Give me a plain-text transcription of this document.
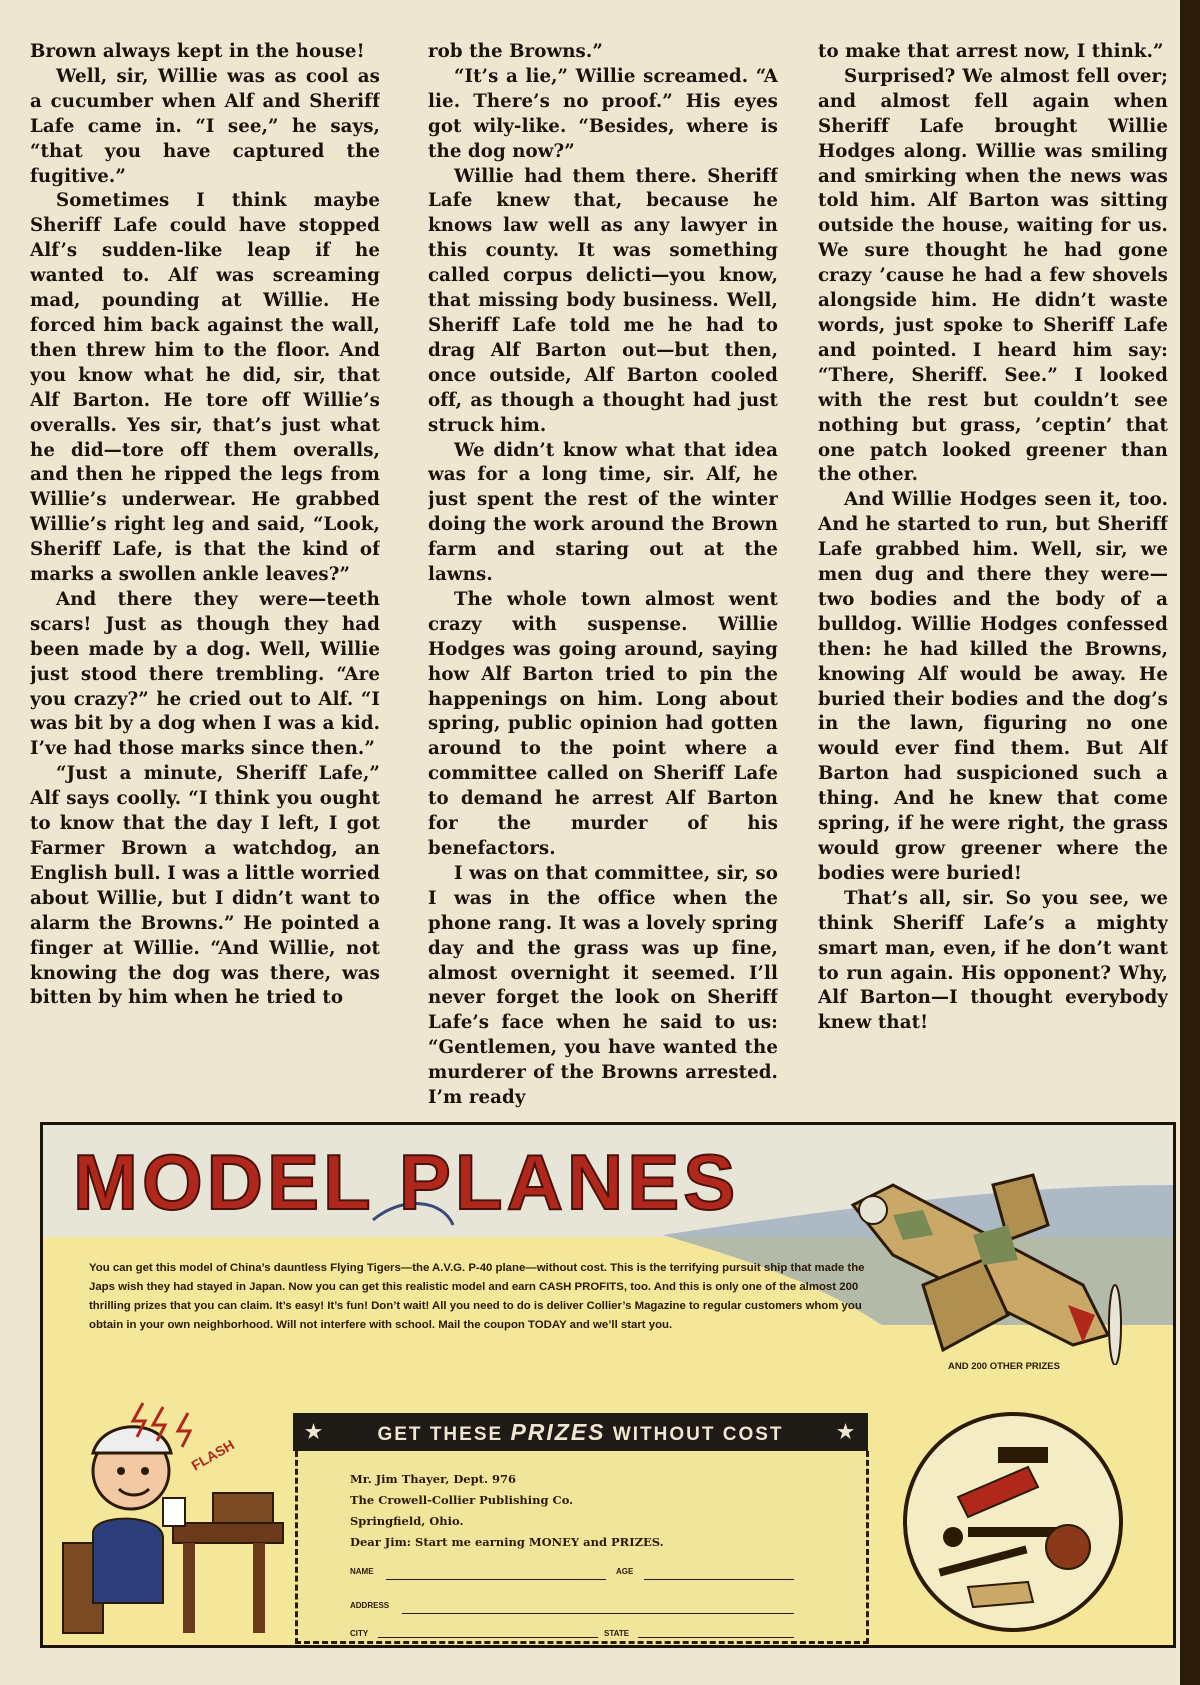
Brown always kept in the house!

Well, sir, Willie was as cool as a cucumber when Alf and Sheriff Lafe came in. “I see,” he says, “that you have captured the fugitive.”

Sometimes I think maybe Sheriff Lafe could have stopped Alf’s sudden-like leap if he wanted to. Alf was screaming mad, pounding at Willie. He forced him back against the wall, then threw him to the floor. And you know what he did, sir, that Alf Barton. He tore off Willie’s overalls. Yes sir, that’s just what he did—tore off them overalls, and then he ripped the legs from Willie’s underwear. He grabbed Willie’s right leg and said, “Look, Sheriff Lafe, is that the kind of marks a swollen ankle leaves?”

And there they were—teeth scars! Just as though they had been made by a dog. Well, Willie just stood there trembling. “Are you crazy?” he cried out to Alf. “I was bit by a dog when I was a kid. I’ve had those marks since then.”

“Just a minute, Sheriff Lafe,” Alf says coolly. “I think you ought to know that the day I left, I got Farmer Brown a watchdog, an English bull. I was a little worried about Willie, but I didn’t want to alarm the Browns.” He pointed a finger at Willie. “And Willie, not knowing the dog was there, was bitten by him when he tried to

rob the Browns.”

“It’s a lie,” Willie screamed. “A lie. There’s no proof.” His eyes got wily-like. “Besides, where is the dog now?”

Willie had them there. Sheriff Lafe knew that, because he knows law well as any lawyer in this county. It was something called corpus delicti—you know, that missing body business. Well, Sheriff Lafe told me he had to drag Alf Barton out—but then, once outside, Alf Barton cooled off, as though a thought had just struck him.

We didn’t know what that idea was for a long time, sir. Alf, he just spent the rest of the winter doing the work around the Brown farm and staring out at the lawns.

The whole town almost went crazy with suspense. Willie Hodges was going around, saying how Alf Barton tried to pin the happenings on him. Long about spring, public opinion had gotten around to the point where a committee called on Sheriff Lafe to demand he arrest Alf Barton for the murder of his benefactors.

I was on that committee, sir, so I was in the office when the phone rang. It was a lovely spring day and the grass was up fine, almost overnight it seemed. I’ll never forget the look on Sheriff Lafe’s face when he said to us: “Gentlemen, you have wanted the murderer of the Browns arrested. I’m ready

to make that arrest now, I think.”

Surprised? We almost fell over; and almost fell again when Sheriff Lafe brought Willie Hodges along. Willie was smiling and smirking when the news was told him. Alf Barton was sitting outside the house, waiting for us. We sure thought he had gone crazy ’cause he had a few shovels alongside him. He didn’t waste words, just spoke to Sheriff Lafe and pointed. I heard him say: “There, Sheriff. See.” I looked with the rest but couldn’t see nothing but grass, ’ceptin’ that one patch looked greener than the other.

And Willie Hodges seen it, too. And he started to run, but Sheriff Lafe grabbed him. Well, sir, we men dug and there they were—two bodies and the body of a bulldog. Willie Hodges confessed then: he had killed the Browns, knowing Alf would be away. He buried their bodies and the dog’s in the lawn, figuring no one would ever find them. But Alf Barton had suspicioned such a thing. And he knew that come spring, if he were right, the grass would grow greener where the bodies were buried!

That’s all, sir. So you see, we think Sheriff Lafe’s a mighty smart man, even, if he don’t want to run again. His opponent? Why, Alf Barton—I thought everybody knew that!

MODEL PLANES
AND 200 OTHER PRIZES
You can get this model of China’s dauntless Flying Tigers—the A.V.G. P-40 plane—without cost. This is the terrifying pursuit ship that made the Japs wish they had stayed in Japan. Now you can get this realistic model and earn CASH PROFITS, too. And this is only one of the almost 200 thrilling prizes that you can claim. It’s easy! It’s fun! Don’t wait! All you need to do is deliver Collier’s Magazine to regular customers whom you obtain in your own neighborhood. Will not interfere with school. Mail the coupon TODAY and we’ll start you.
★	GET THESE PRIZES WITHOUT COST	★
Mr. Jim Thayer, Dept. 976
The Crowell-Collier Publishing Co.
Springfield, Ohio.
Dear Jim: Start me earning MONEY and PRIZES.
NAME	AGE
ADDRESS
CITY	STATE
FLASH
